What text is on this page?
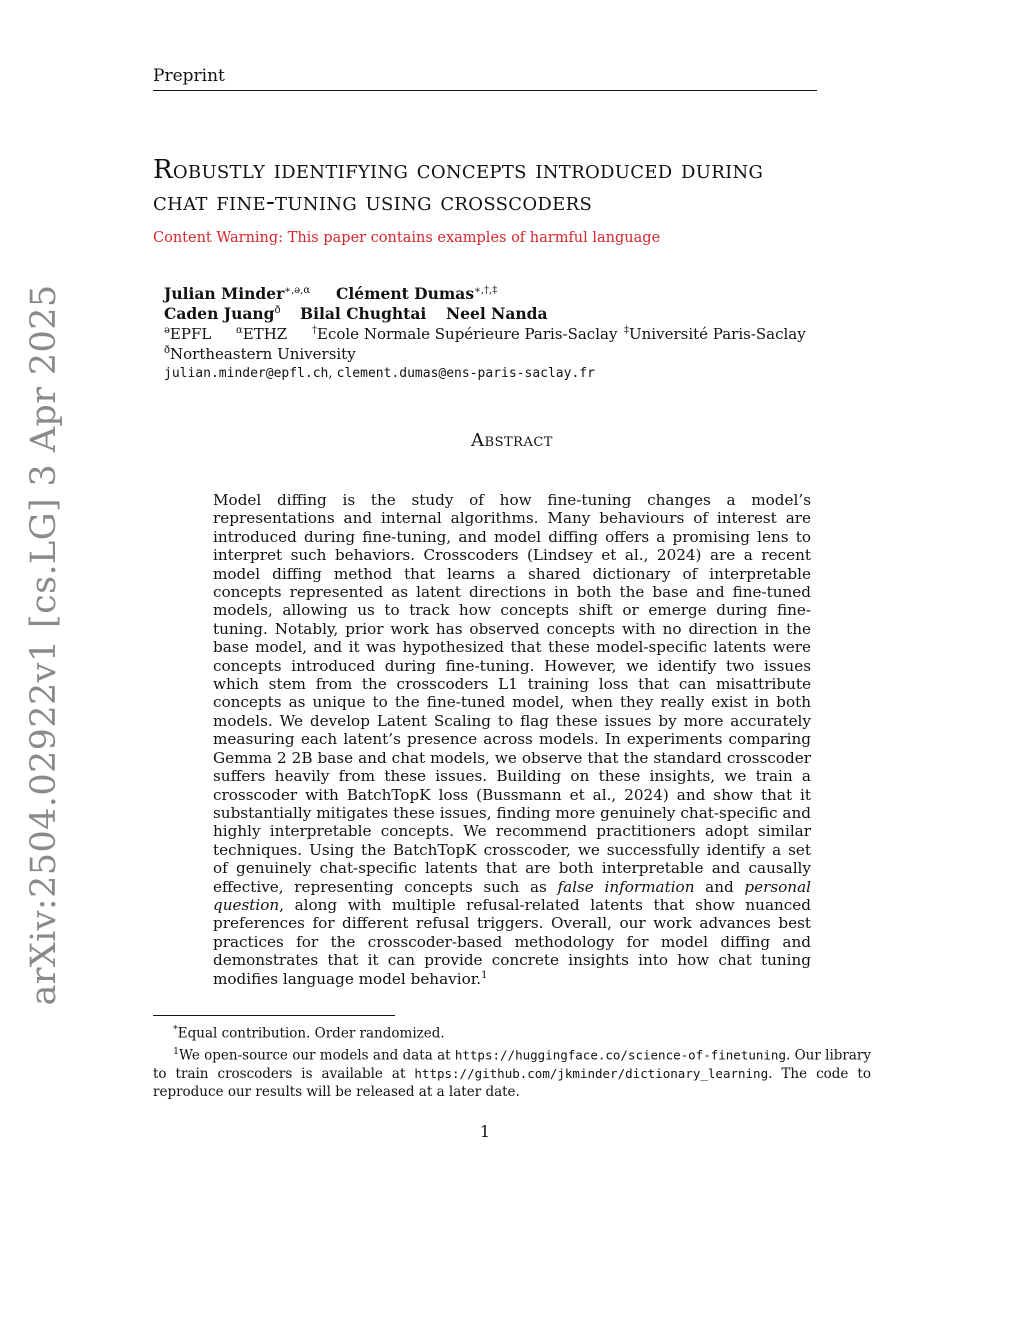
Preprint
Robustly identifying concepts introduced during
chat fine-tuning using crosscoders
Content Warning: This paper contains examples of harmful language
Julian Minder$^{∗,ә,\alpha}$ Clément Dumas∗,†,‡
Caden Juang$^ð$ Bilal Chughtai Neel Nanda
$^ә$EPFL $^\alpha$ETHZ †Ecole Normale Supérieure Paris-Saclay ‡Université Paris-Saclay
$^ð$Northeastern University
julian.minder@epfl.ch, clement.dumas@ens-paris-saclay.fr
Abstract

Model diffing is the study of how fine-tuning changes a model’s representations and internal algorithms. Many behaviours of interest are introduced during fine-tuning, and model diffing offers a promising lens to interpret such behaviors. Crosscoders (Lindsey et al., 2024) are a recent model diffing method that learns a shared dictionary of interpretable concepts represented as latent directions in both the base and fine-tuned models, allowing us to track how concepts shift or emerge during fine-tuning. Notably, prior work has observed concepts with no direction in the base model, and it was hypothesized that these model-specific latents were concepts introduced during fine-tuning. However, we identify two issues which stem from the crosscoders L1 training loss that can misattribute concepts as unique to the fine-tuned model, when they really exist in both models. We develop Latent Scaling to flag these issues by more accurately measuring each latent’s presence across models. In experiments comparing Gemma 2 2B base and chat models, we observe that the standard crosscoder suffers heavily from these issues. Building on these insights, we train a crosscoder with BatchTopK loss (Bussmann et al., 2024) and show that it substantially mitigates these issues, finding more genuinely chat-specific and highly interpretable concepts. We recommend practitioners adopt similar techniques. Using the BatchTopK crosscoder, we successfully identify a set of genuinely chat-specific latents that are both interpretable and causally effective, representing concepts such as false information and personal question, along with multiple refusal-related latents that show nuanced preferences for different refusal triggers. Overall, our work advances best practices for the crosscoder-based methodology for model diffing and demonstrates that it can provide concrete insights into how chat tuning modifies language model behavior.$^1$

arXiv:2504.02922v1 [cs.LG] 3 Apr 2025
*Equal contribution. Order randomized.
$^1$We open-source our models and data at https://huggingface.co/science-of-finetuning. Our library to train croscoders is available at https://github.com/jkminder/dictionary_learning. The code to reproduce our results will be released at a later date.
1
